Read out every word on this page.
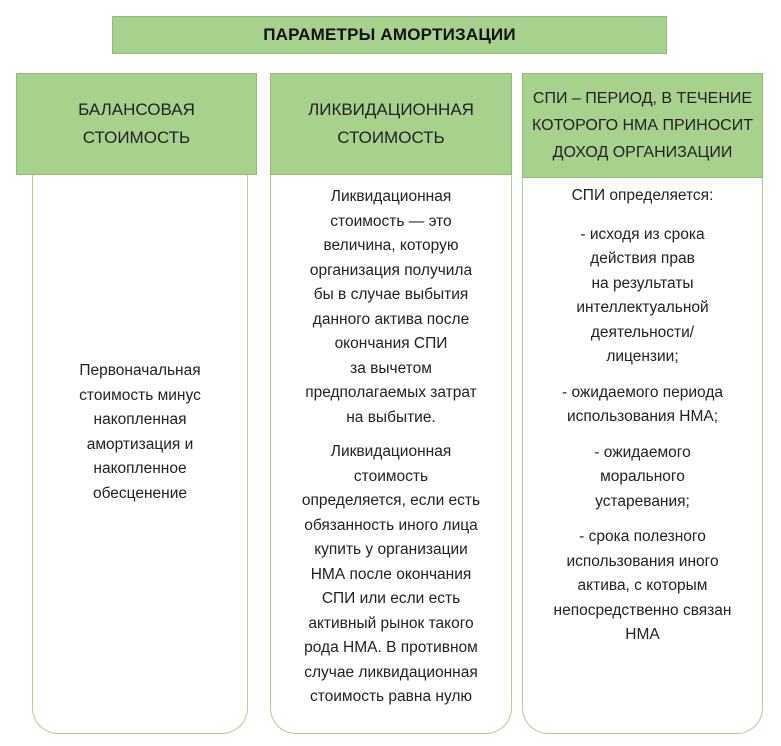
ПАРАМЕТРЫ АМОРТИЗАЦИИ
БАЛАНСОВАЯ
СТОИМОСТЬ

Первоначальная
стоимость минус
накопленная
амортизация и
накопленное
обесценение

ЛИКВИДАЦИОННАЯ
СТОИМОСТЬ

Ликвидационная
стоимость — это
величина, которую
организация получила
бы в случае выбытия
данного актива после
окончания СПИ
за вычетом
предполагаемых затрат
на выбытие.

Ликвидационная
стоимость
определяется, если есть
обязанность иного лица
купить у организации
НМА после окончания
СПИ или если есть
активный рынок такого
рода НМА. В противном
случае ликвидационная
стоимость равна нулю

СПИ – ПЕРИОД, В ТЕЧЕНИЕ
КОТОРОГО НМА ПРИНОСИТ
ДОХОД ОРГАНИЗАЦИИ

СПИ определяется:

- исходя из срока
действия прав
на результаты
интеллектуальной
деятельности/
лицензии;

- ожидаемого периода
использования НМА;

- ожидаемого
морального
устаревания;

- срока полезного
использования иного
актива, с которым
непосредственно связан
НМА
